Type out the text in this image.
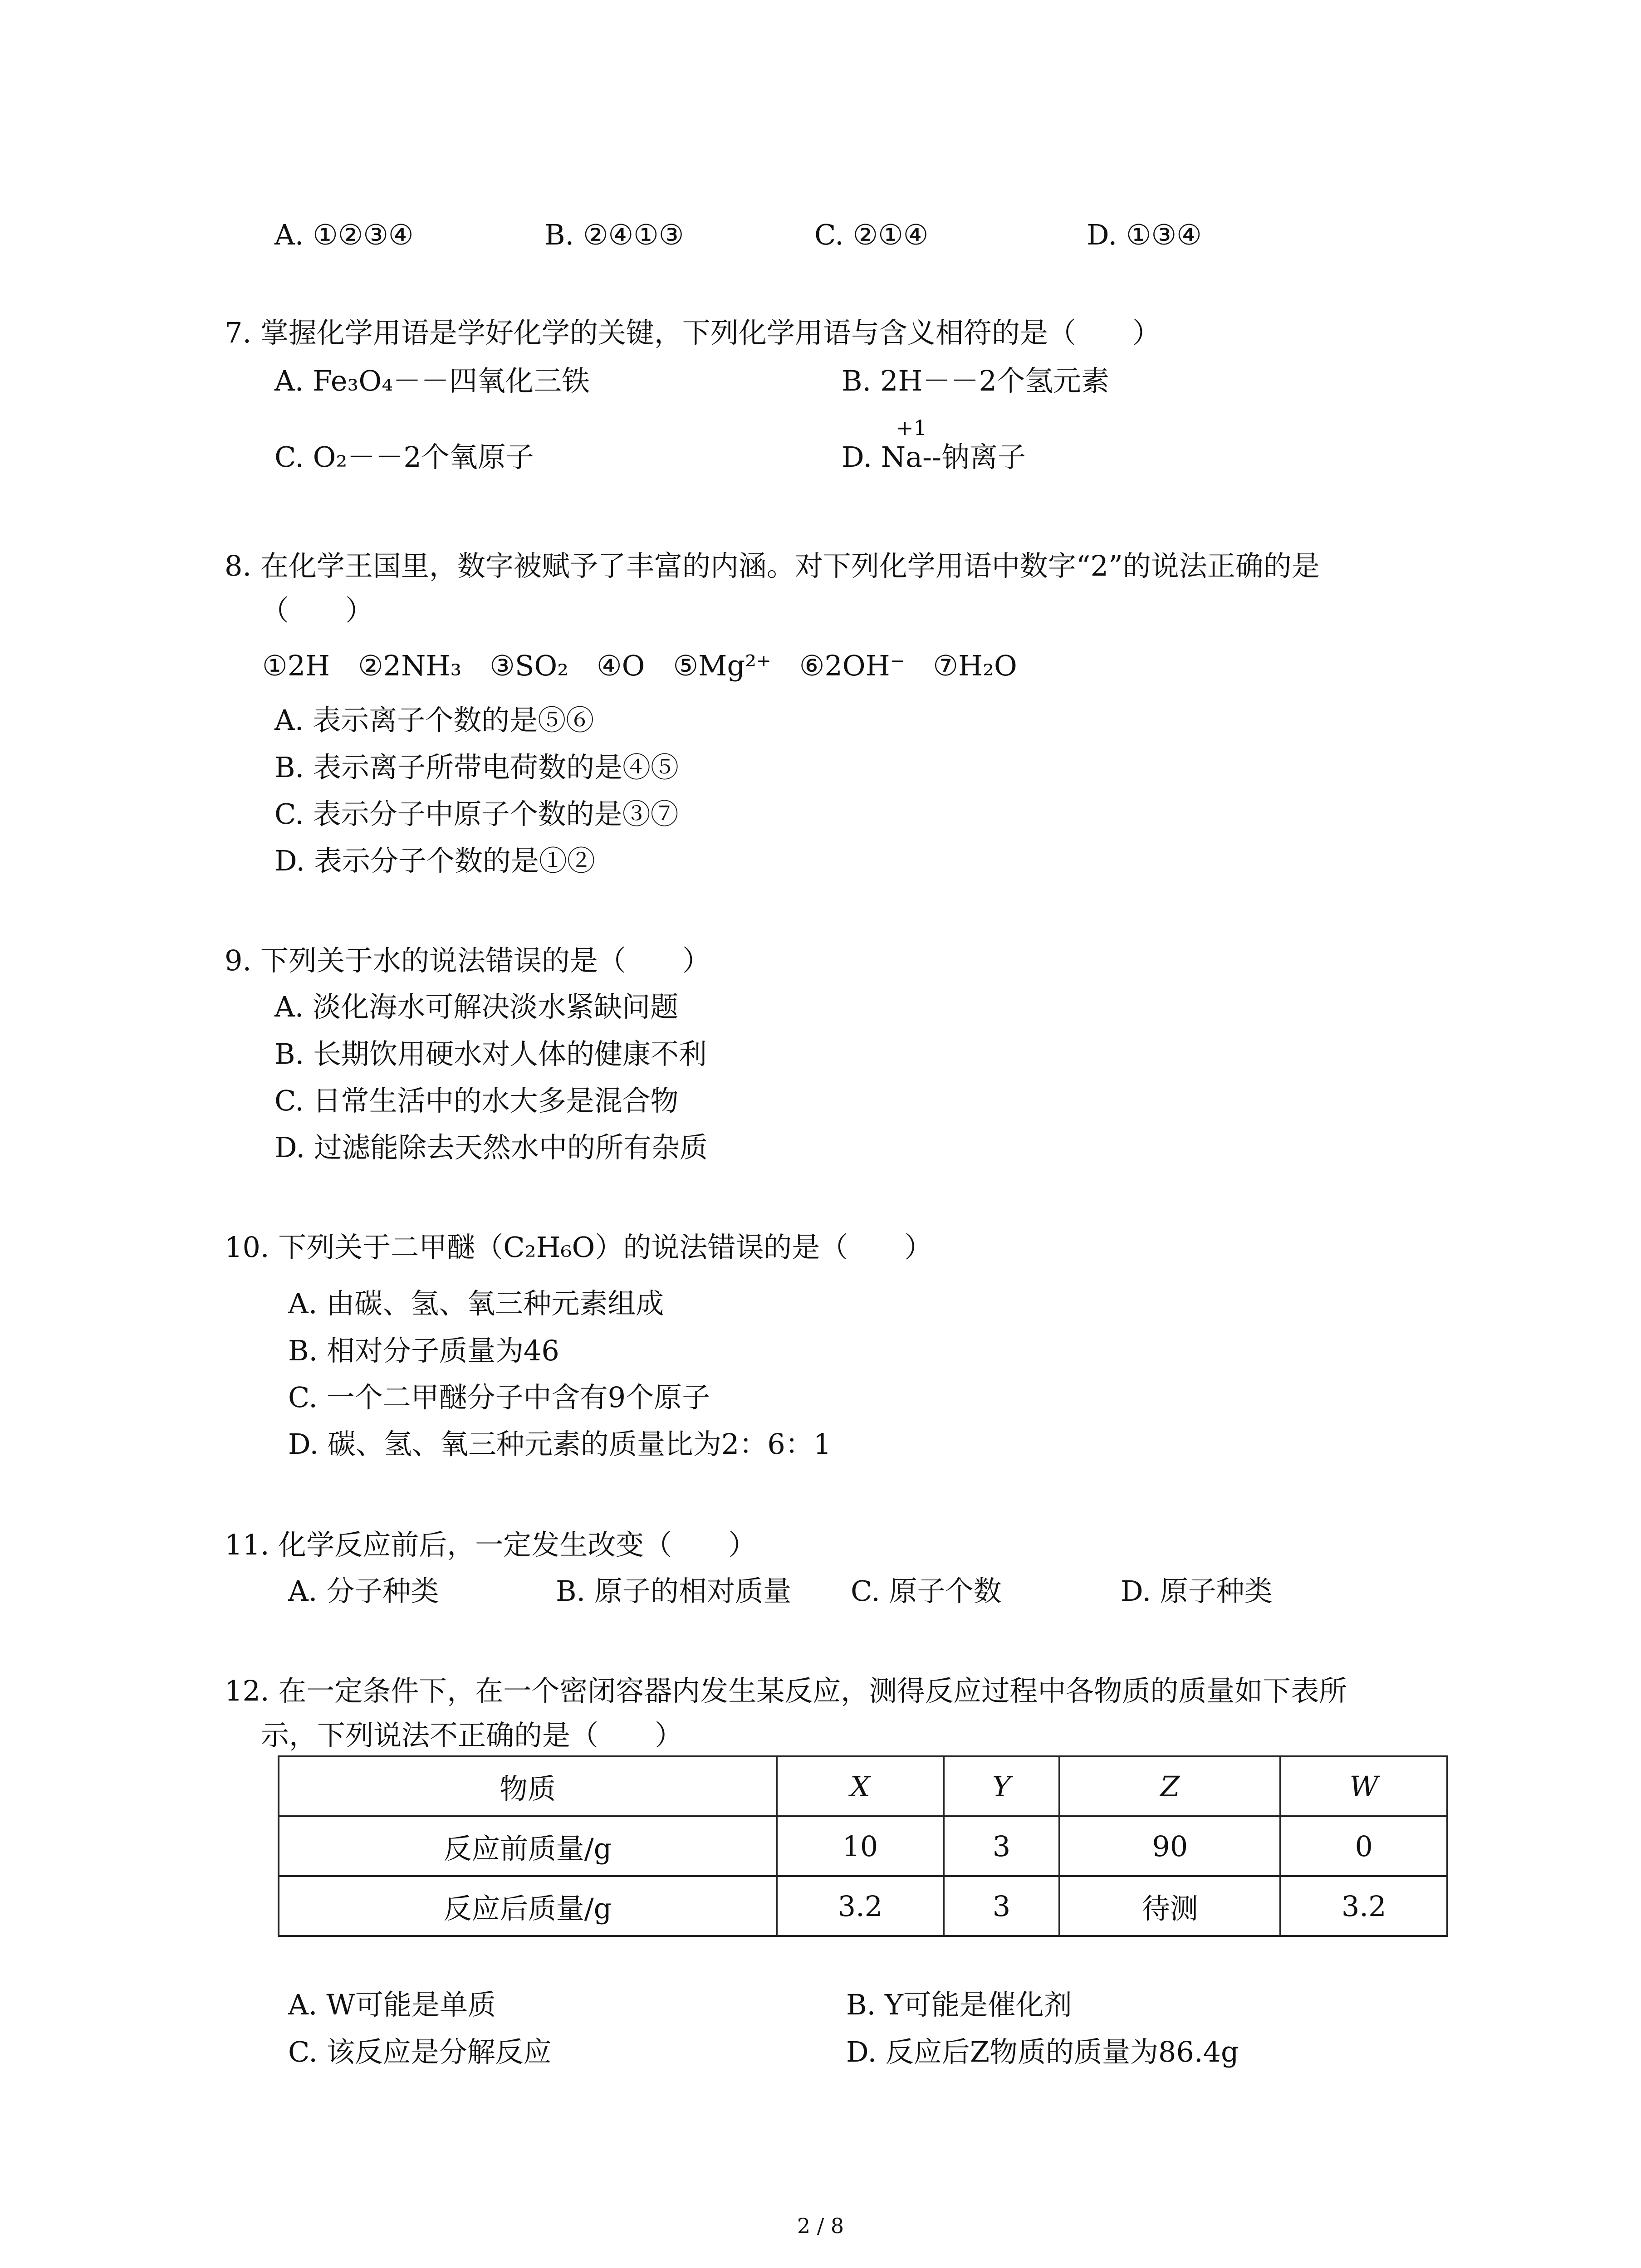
A. ①②③④	B. ②④①③	C. ②①④	D. ①③④
7. 掌握化学用语是学好化学的关键，下列化学用语与含义相符的是（　　）
A. Fe₃O₄－－四氧化三铁	B. 2H－－2个氢元素
C. O₂－－2个氧原子
+1
D. Na--钠离子
8. 在化学王国里，数字被赋予了丰富的内涵。对下列化学用语中数字“2”的说法正确的是
（　　）
①2H　②2NH₃　③SO₂　④O　⑤Mg²⁺　⑥2OH⁻　⑦H₂O
A. 表示离子个数的是⑤⑥
B. 表示离子所带电荷数的是④⑤
C. 表示分子中原子个数的是③⑦
D. 表示分子个数的是①②
9. 下列关于水的说法错误的是（　　）
A. 淡化海水可解决淡水紧缺问题
B. 长期饮用硬水对人体的健康不利
C. 日常生活中的水大多是混合物
D. 过滤能除去天然水中的所有杂质
10. 下列关于二甲醚（C₂H₆O）的说法错误的是（　　）
A. 由碳、氢、氧三种元素组成
B. 相对分子质量为46
C. 一个二甲醚分子中含有9个原子
D. 碳、氢、氧三种元素的质量比为2：6：1
11. 化学反应前后，一定发生改变（　　）
A. 分子种类	B. 原子的相对质量 C. 原子个数	D. 原子种类
12. 在一定条件下，在一个密闭容器内发生某反应，测得反应过程中各物质的质量如下表所
示，下列说法不正确的是（　　）
物质	X	Y	Z	W
反应前质量/g	10	3	90	0
反应后质量/g	3.2	3	待测	3.2
A. W可能是单质	B. Y可能是催化剂
C. 该反应是分解反应	D. 反应后Z物质的质量为86.4g
2 / 8
